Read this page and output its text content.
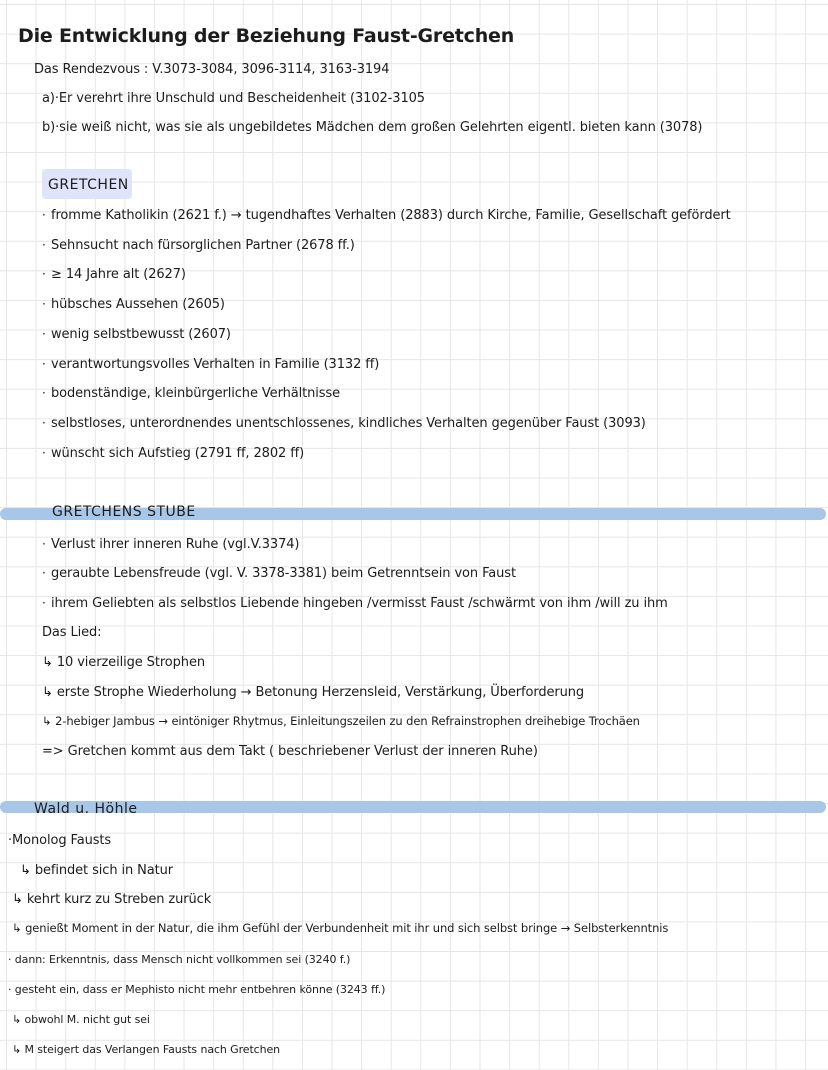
Die Entwicklung der Beziehung Faust-Gretchen
Das Rendezvous : V.3073-3084, 3096-3114, 3163-3194
a)·Er verehrt ihre Unschuld und Bescheidenheit (3102-3105
b)·sie weiß nicht, was sie als ungebildetes Mädchen dem großen Gelehrten eigentl. bieten kann (3078)
GRETCHEN
· fromme Katholikin (2621 f.) → tugendhaftes Verhalten (2883) durch Kirche, Familie, Gesellschaft gefördert
· Sehnsucht nach fürsorglichen Partner (2678 ff.)
· ≥ 14 Jahre alt (2627)
· hübsches Aussehen (2605)
· wenig selbstbewusst (2607)
· verantwortungsvolles Verhalten in Familie (3132 ff)
· bodenständige, kleinbürgerliche Verhältnisse
· selbstloses, unterordnendes unentschlossenes, kindliches Verhalten gegenüber Faust (3093)
· wünscht sich Aufstieg (2791 ff, 2802 ff)
GRETCHENS STUBE
· Verlust ihrer inneren Ruhe (vgl.V.3374)
· geraubte Lebensfreude (vgl. V. 3378-3381) beim Getrenntsein von Faust
· ihrem Geliebten als selbstlos Liebende hingeben /vermisst Faust /schwärmt von ihm /will zu ihm
Das Lied:
↳ 10 vierzeilige Strophen
↳ erste Strophe Wiederholung → Betonung Herzensleid, Verstärkung, Überforderung
↳ 2-hebiger Jambus → eintöniger Rhytmus, Einleitungszeilen zu den Refrainstrophen dreihebige Trochäen
=> Gretchen kommt aus dem Takt ( beschriebener Verlust der inneren Ruhe)
Wald u. Höhle
·Monolog Fausts
↳ befindet sich in Natur
↳ kehrt kurz zu Streben zurück
↳ genießt Moment in der Natur, die ihm Gefühl der Verbundenheit mit ihr und sich selbst bringe → Selbsterkenntnis
· dann: Erkenntnis, dass Mensch nicht vollkommen sei (3240 f.)
· gesteht ein, dass er Mephisto nicht mehr entbehren könne (3243 ff.)
↳ obwohl M. nicht gut sei
↳ M steigert das Verlangen Fausts nach Gretchen
